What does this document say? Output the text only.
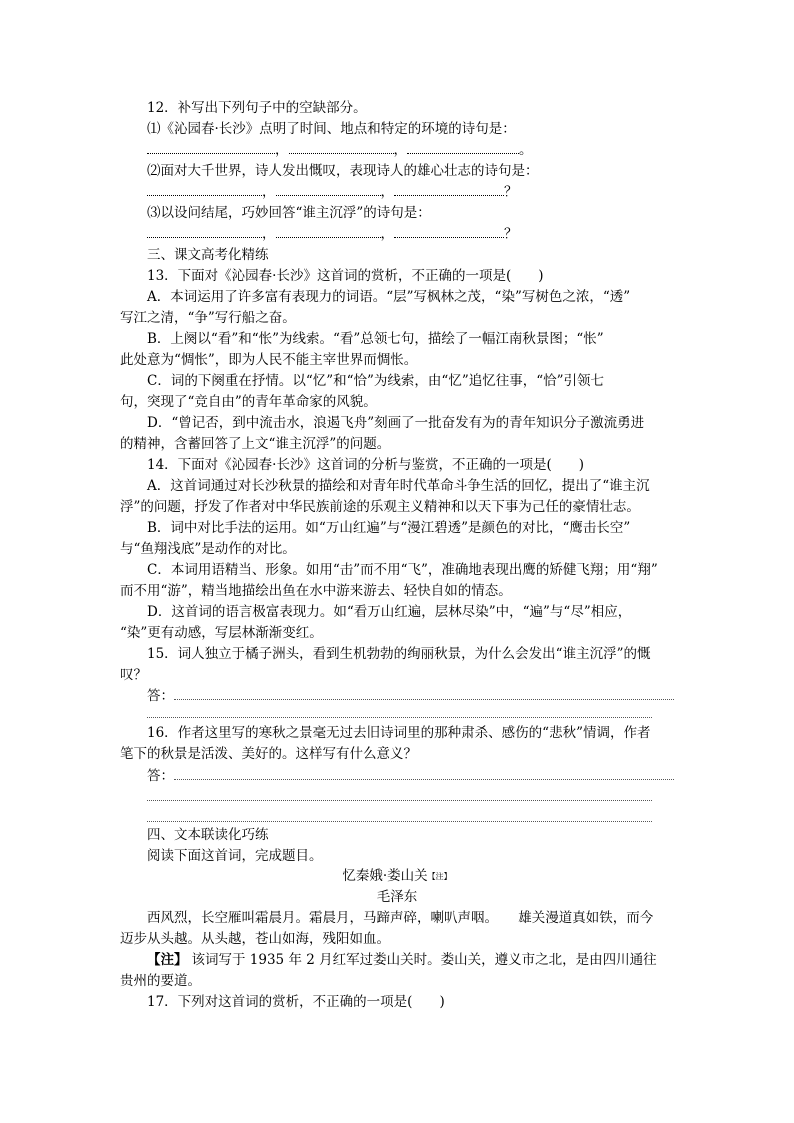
12．补写出下列句子中的空缺部分。
⑴《沁园春·长沙》点明了时间、地点和特定的环境的诗句是：
，	，	。
⑵面对大千世界，诗人发出慨叹，表现诗人的雄心壮志的诗句是：
，	，	？
⑶以设问结尾，巧妙回答“谁主沉浮”的诗句是：
，	，	？
三、课文高考化精练
13．下面对《沁园春·长沙》这首词的赏析，不正确的一项是(　　)
A．本词运用了许多富有表现力的词语。“层”写枫林之茂，“染”写树色之浓，“透”
写江之清，“争”写行船之奋。
B．上阕以“看”和“怅”为线索。“看”总领七句，描绘了一幅江南秋景图；“怅”
此处意为“惆怅”，即为人民不能主宰世界而惆怅。
C．词的下阕重在抒情。以“忆”和“恰”为线索，由“忆”追忆往事，“恰”引领七
句，突现了“竞自由”的青年革命家的风貌。
D．“曾记否，到中流击水，浪遏飞舟”刻画了一批奋发有为的青年知识分子激流勇进
的精神，含蓄回答了上文“谁主沉浮”的问题。
14．下面对《沁园春·长沙》这首词的分析与鉴赏，不正确的一项是(　　)
A．这首词通过对长沙秋景的描绘和对青年时代革命斗争生活的回忆，提出了“谁主沉
浮”的问题，抒发了作者对中华民族前途的乐观主义精神和以天下事为己任的豪情壮志。
B．词中对比手法的运用。如“万山红遍”与“漫江碧透”是颜色的对比，“鹰击长空”
与“鱼翔浅底”是动作的对比。
C．本词用语精当、形象。如用“击”而不用“飞”，准确地表现出鹰的矫健飞翔；用“翔”
而不用“游”，精当地描绘出鱼在水中游来游去、轻快自如的情态。
D．这首词的语言极富表现力。如“看万山红遍，层林尽染”中，“遍”与“尽”相应，
“染”更有动感，写层林渐渐变红。
15．词人独立于橘子洲头，看到生机勃勃的绚丽秋景，为什么会发出“谁主沉浮”的慨
叹？
答：
16．作者这里写的寒秋之景毫无过去旧诗词里的那种肃杀、感伤的“悲秋”情调，作者
笔下的秋景是活泼、美好的。这样写有什么意义？
答：
四、文本联读化巧练
阅读下面这首词，完成题目。
忆秦娥·娄山关$^{【注】}$
毛泽东
西风烈，长空雁叫霜晨月。霜晨月，马蹄声碎，喇叭声咽。　　雄关漫道真如铁，而今
迈步从头越。从头越，苍山如海，残阳如血。
【注】 该词写于 1935 年 2 月红军过娄山关时。娄山关，遵义市之北，是由四川通往
贵州的要道。
17．下列对这首词的赏析，不正确的一项是(　　)
